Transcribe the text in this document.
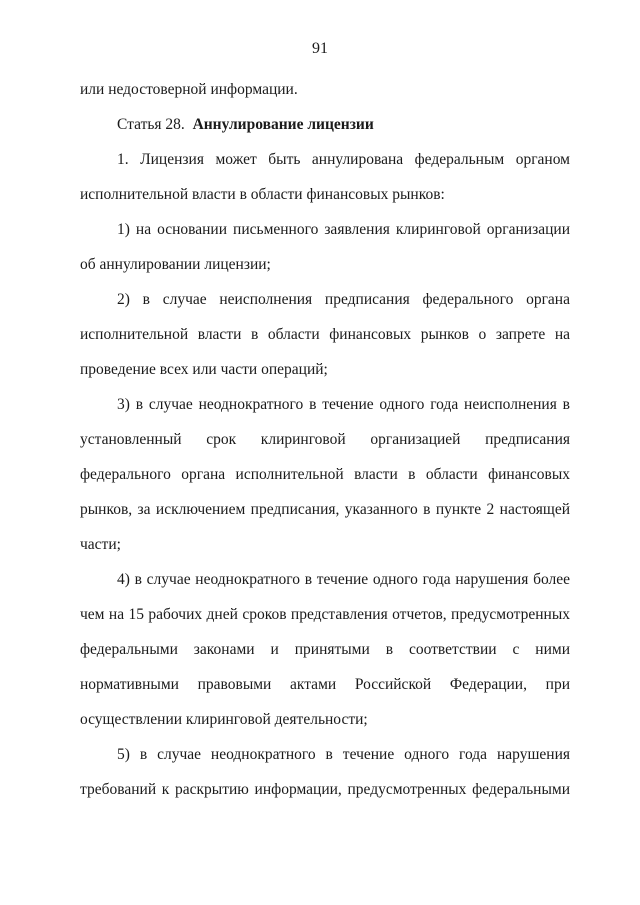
91

или недостоверной информации.

Статья 28. Аннулирование лицензии

1. Лицензия может быть аннулирована федеральным органом исполнительной власти в области финансовых рынков:

1) на основании письменного заявления клиринговой организации об аннулировании лицензии;

2) в случае неисполнения предписания федерального органа исполнительной власти в области финансовых рынков о запрете на проведение всех или части операций;

3) в случае неоднократного в течение одного года неисполнения в установленный срок клиринговой организацией предписания федерального органа исполнительной власти в области финансовых рынков, за исключением предписания, указанного в пункте 2 настоящей части;

4) в случае неоднократного в течение одного года нарушения более чем на 15 рабочих дней сроков представления отчетов, предусмотренных федеральными законами и принятыми в соответствии с ними нормативными правовыми актами Российской Федерации, при осуществлении клиринговой деятельности;

5) в случае неоднократного в течение одного года нарушения требований к раскрытию информации, предусмотренных федеральными
